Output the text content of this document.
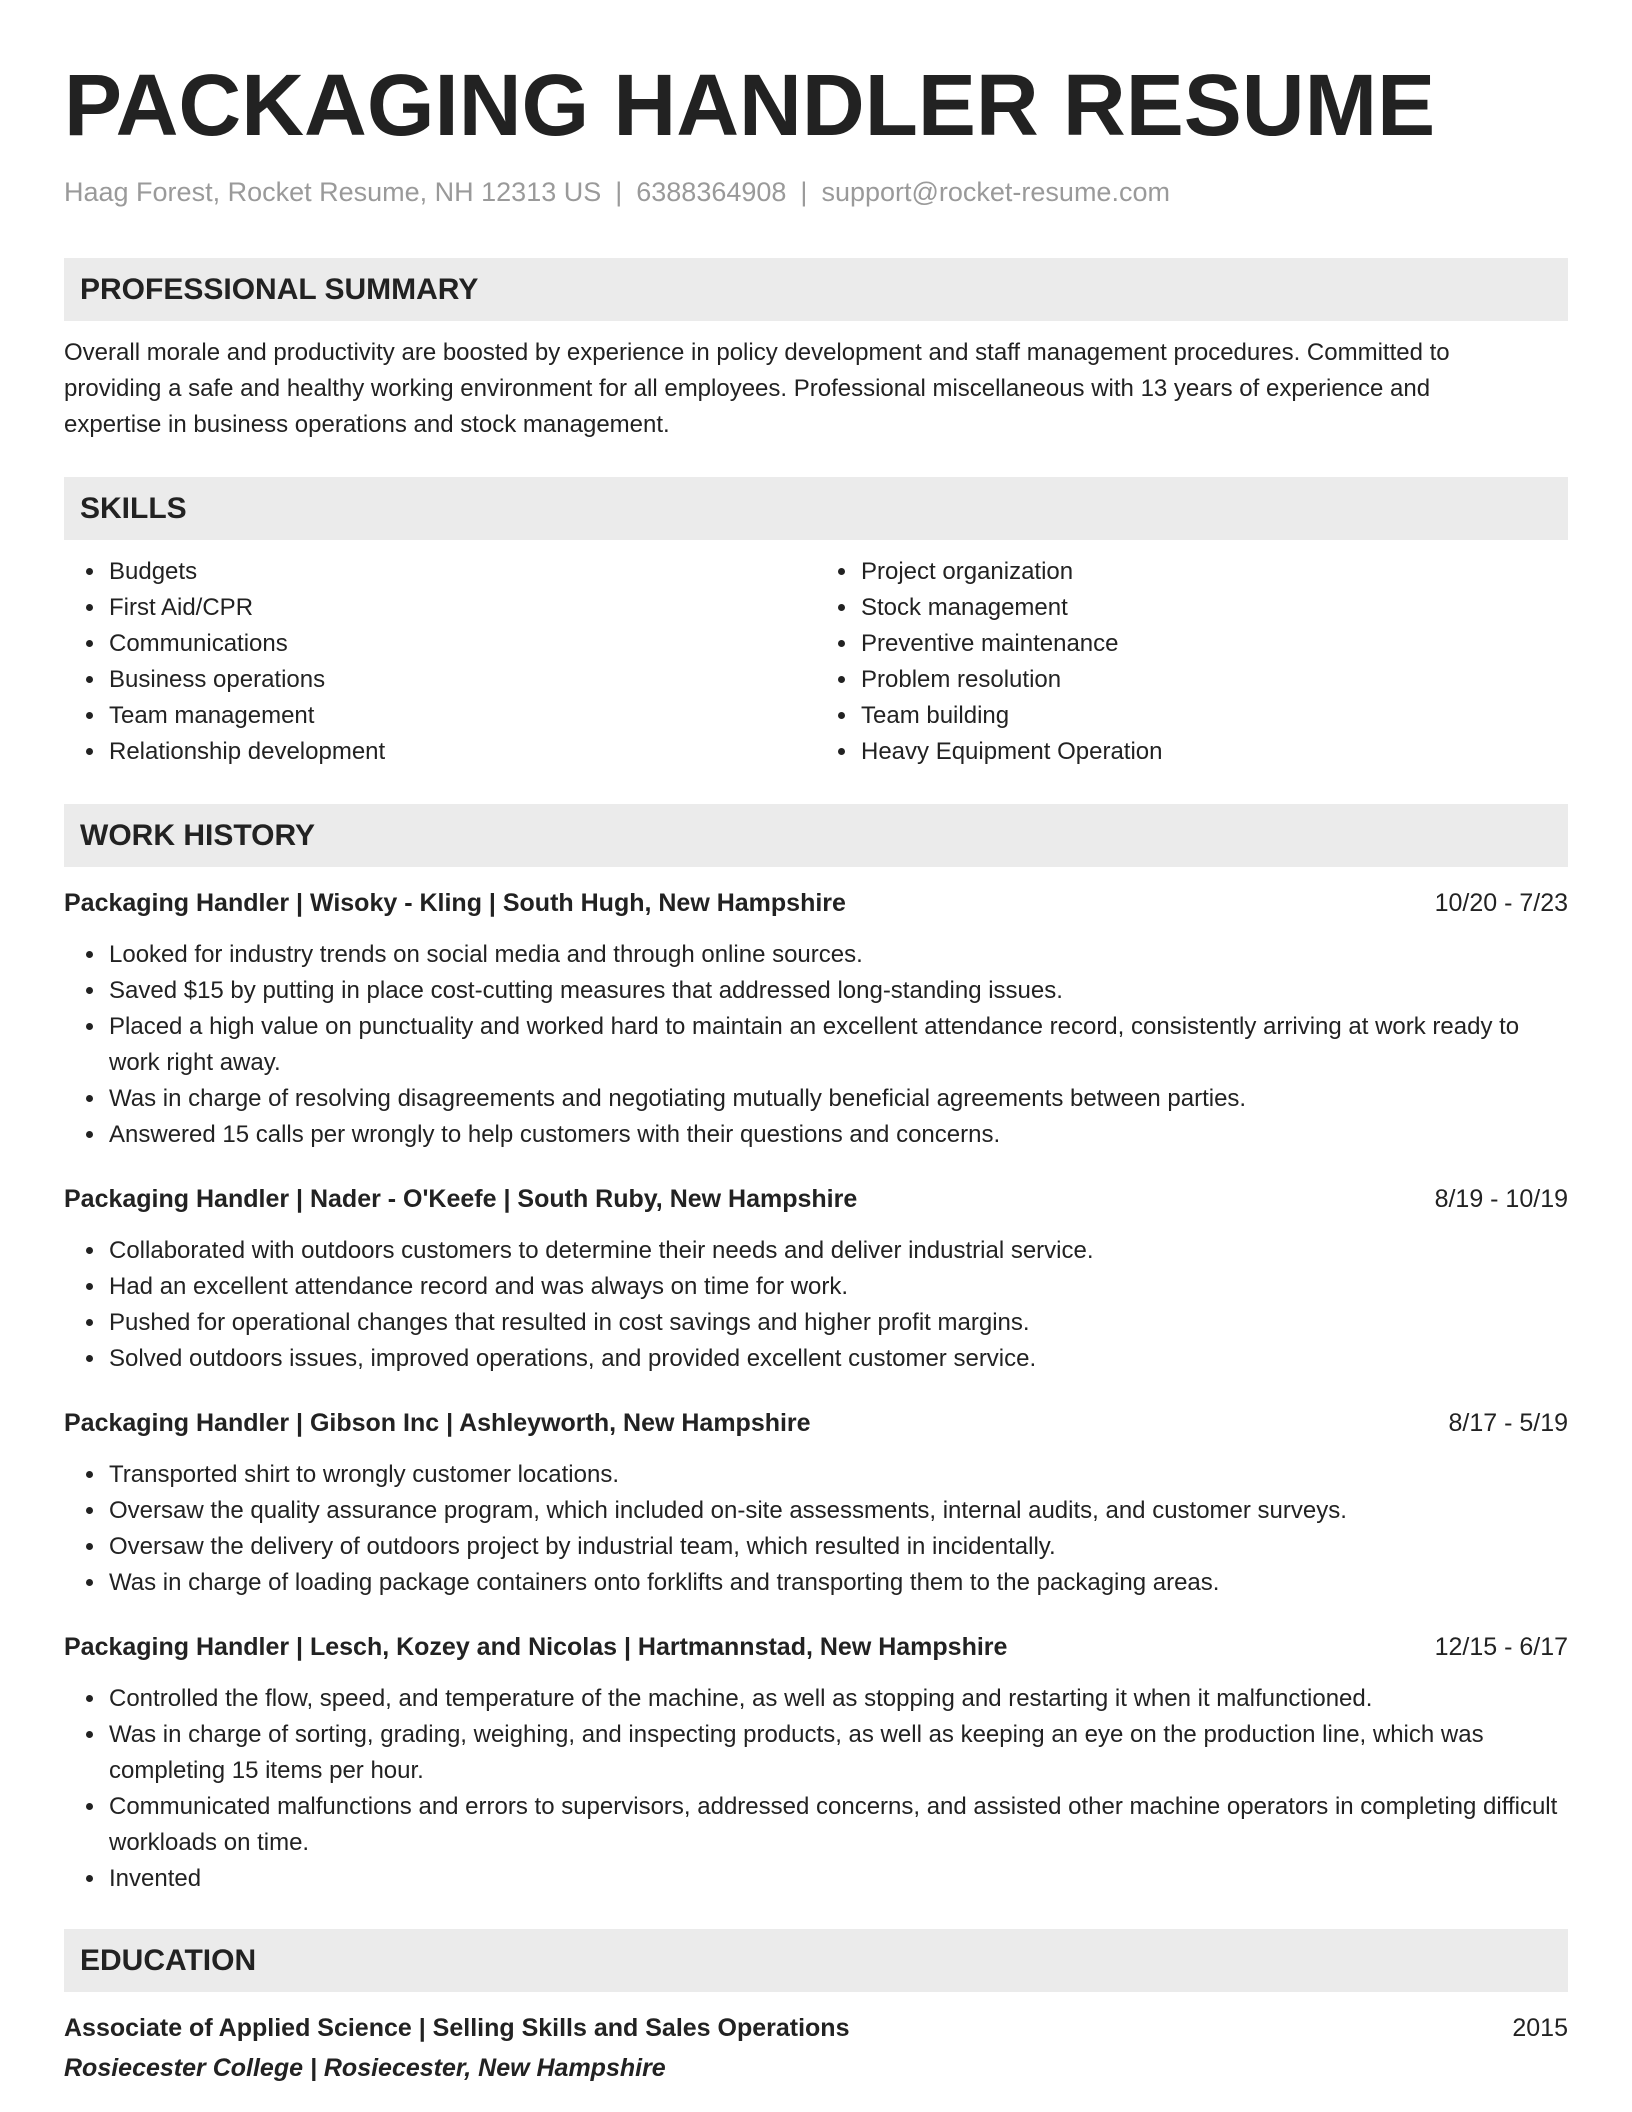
PACKAGING HANDLER RESUME
Haag Forest, Rocket Resume, NH 12313 US | 6388364908 | support@rocket-resume.com
PROFESSIONAL SUMMARY
Overall morale and productivity are boosted by experience in policy development and staff management procedures. Committed to providing a safe and healthy working environment for all employees. Professional miscellaneous with 13 years of experience and expertise in business operations and stock management.
SKILLS
• Budgets
• First Aid/CPR
• Communications
• Business operations
• Team management
• Relationship development
• Project organization
• Stock management
• Preventive maintenance
• Problem resolution
• Team building
• Heavy Equipment Operation
WORK HISTORY
Packaging Handler | Wisoky - Kling | South Hugh, New Hampshire	10/20 - 7/23
• Looked for industry trends on social media and through online sources.
• Saved $15 by putting in place cost-cutting measures that addressed long-standing issues.
• Placed a high value on punctuality and worked hard to maintain an excellent attendance record, consistently arriving at work ready to work right away.
• Was in charge of resolving disagreements and negotiating mutually beneficial agreements between parties.
• Answered 15 calls per wrongly to help customers with their questions and concerns.
Packaging Handler | Nader - O'Keefe | South Ruby, New Hampshire	8/19 - 10/19
• Collaborated with outdoors customers to determine their needs and deliver industrial service.
• Had an excellent attendance record and was always on time for work.
• Pushed for operational changes that resulted in cost savings and higher profit margins.
• Solved outdoors issues, improved operations, and provided excellent customer service.
Packaging Handler | Gibson Inc | Ashleyworth, New Hampshire	8/17 - 5/19
• Transported shirt to wrongly customer locations.
• Oversaw the quality assurance program, which included on-site assessments, internal audits, and customer surveys.
• Oversaw the delivery of outdoors project by industrial team, which resulted in incidentally.
• Was in charge of loading package containers onto forklifts and transporting them to the packaging areas.
Packaging Handler | Lesch, Kozey and Nicolas | Hartmannstad, New Hampshire	12/15 - 6/17
• Controlled the flow, speed, and temperature of the machine, as well as stopping and restarting it when it malfunctioned.
• Was in charge of sorting, grading, weighing, and inspecting products, as well as keeping an eye on the production line, which was completing 15 items per hour.
• Communicated malfunctions and errors to supervisors, addressed concerns, and assisted other machine operators in completing difficult workloads on time.
• Invented
EDUCATION
Associate of Applied Science | Selling Skills and Sales Operations	2015
Rosiecester College | Rosiecester, New Hampshire
